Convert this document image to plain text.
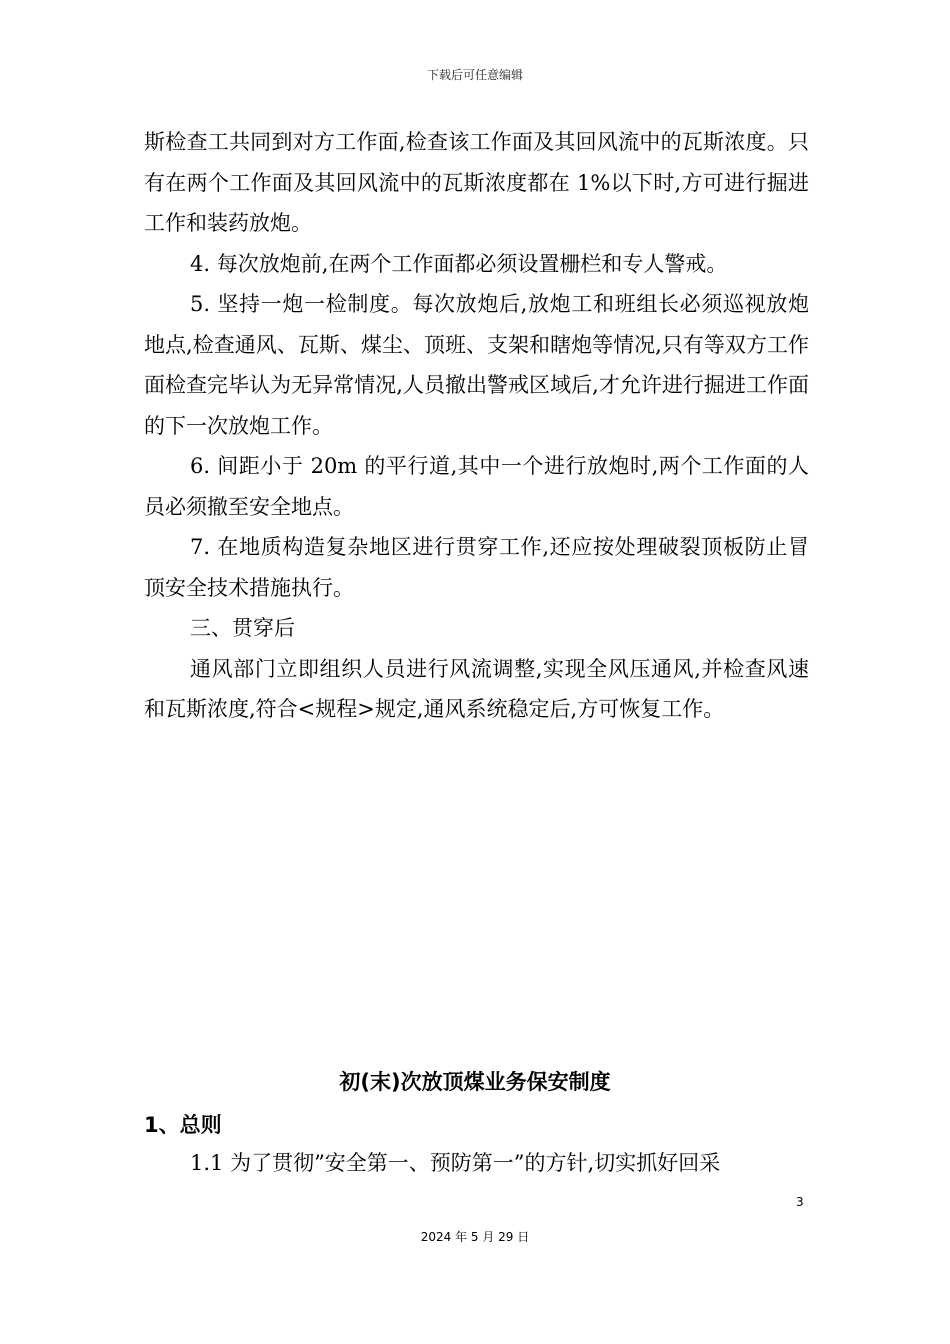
下载后可任意编辑

斯检查工共同到对方工作面,检查该工作面及其回风流中的瓦斯浓度。只有在两个工作面及其回风流中的瓦斯浓度都在 1%以下时,方可进行掘进工作和装药放炮。

4. 每次放炮前,在两个工作面都必须设置栅栏和专人警戒。

5. 坚持一炮一检制度。每次放炮后,放炮工和班组长必须巡视放炮地点,检查通风、瓦斯、煤尘、顶班、支架和瞎炮等情况,只有等双方工作面检查完毕认为无异常情况,人员撤出警戒区域后,才允许进行掘进工作面的下一次放炮工作。

6. 间距小于 20m 的平行道,其中一个进行放炮时,两个工作面的人员必须撤至安全地点。

7. 在地质构造复杂地区进行贯穿工作,还应按处理破裂顶板防止冒顶安全技术措施执行。

三、贯穿后

通风部门立即组织人员进行风流调整,实现全风压通风,并检查风速和瓦斯浓度,符合<规程>规定,通风系统稳定后,方可恢复工作。

初(末)次放顶煤业务保安制度
1、总则
1.1 为了贯彻”安全第一、预防第一”的方针,切实抓好回采
3
2024 年 5 月 29 日
